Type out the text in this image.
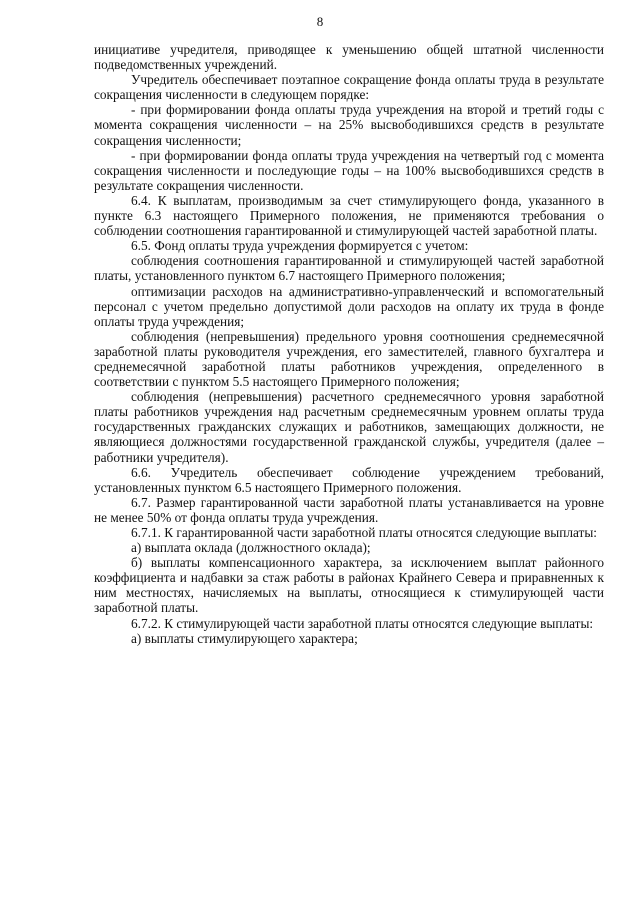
8

инициативе учредителя, приводящее к уменьшению общей штатной численности подведомственных учреждений.

Учредитель обеспечивает поэтапное сокращение фонда оплаты труда в результате сокращения численности в следующем порядке:

- при формировании фонда оплаты труда учреждения на второй и третий годы с момента сокращения численности – на 25% высвободившихся средств в результате сокращения численности;

- при формировании фонда оплаты труда учреждения на четвертый год с момента сокращения численности и последующие годы – на 100% высвободившихся средств в результате сокращения численности.

6.4. К выплатам, производимым за счет стимулирующего фонда, указанного в пункте 6.3 настоящего Примерного положения, не применяются требования о соблюдении соотношения гарантированной и стимулирующей частей заработной платы.

6.5. Фонд оплаты труда учреждения формируется с учетом:

соблюдения соотношения гарантированной и стимулирующей частей заработной платы, установленного пунктом 6.7 настоящего Примерного положения;

оптимизации расходов на административно-управленческий и вспомогательный персонал с учетом предельно допустимой доли расходов на оплату их труда в фонде оплаты труда учреждения;

соблюдения (непревышения) предельного уровня соотношения среднемесячной заработной платы руководителя учреждения, его заместителей, главного бухгалтера и среднемесячной заработной платы работников учреждения, определенного в соответствии с пунктом 5.5 настоящего Примерного положения;

соблюдения (непревышения) расчетного среднемесячного уровня заработной платы работников учреждения над расчетным среднемесячным уровнем оплаты труда государственных гражданских служащих и работников, замещающих должности, не являющиеся должностями государственной гражданской службы, учредителя (далее – работники учредителя).

6.6. Учредитель обеспечивает соблюдение учреждением требований, установленных пунктом 6.5 настоящего Примерного положения.

6.7. Размер гарантированной части заработной платы устанавливается на уровне не менее 50% от фонда оплаты труда учреждения.

6.7.1. К гарантированной части заработной платы относятся следующие выплаты:

а) выплата оклада (должностного оклада);

б) выплаты компенсационного характера, за исключением выплат районного коэффициента и надбавки за стаж работы в районах Крайнего Севера и приравненных к ним местностях, начисляемых на выплаты, относящиеся к стимулирующей части заработной платы.

6.7.2. К стимулирующей части заработной платы относятся следующие выплаты:

а) выплаты стимулирующего характера;
